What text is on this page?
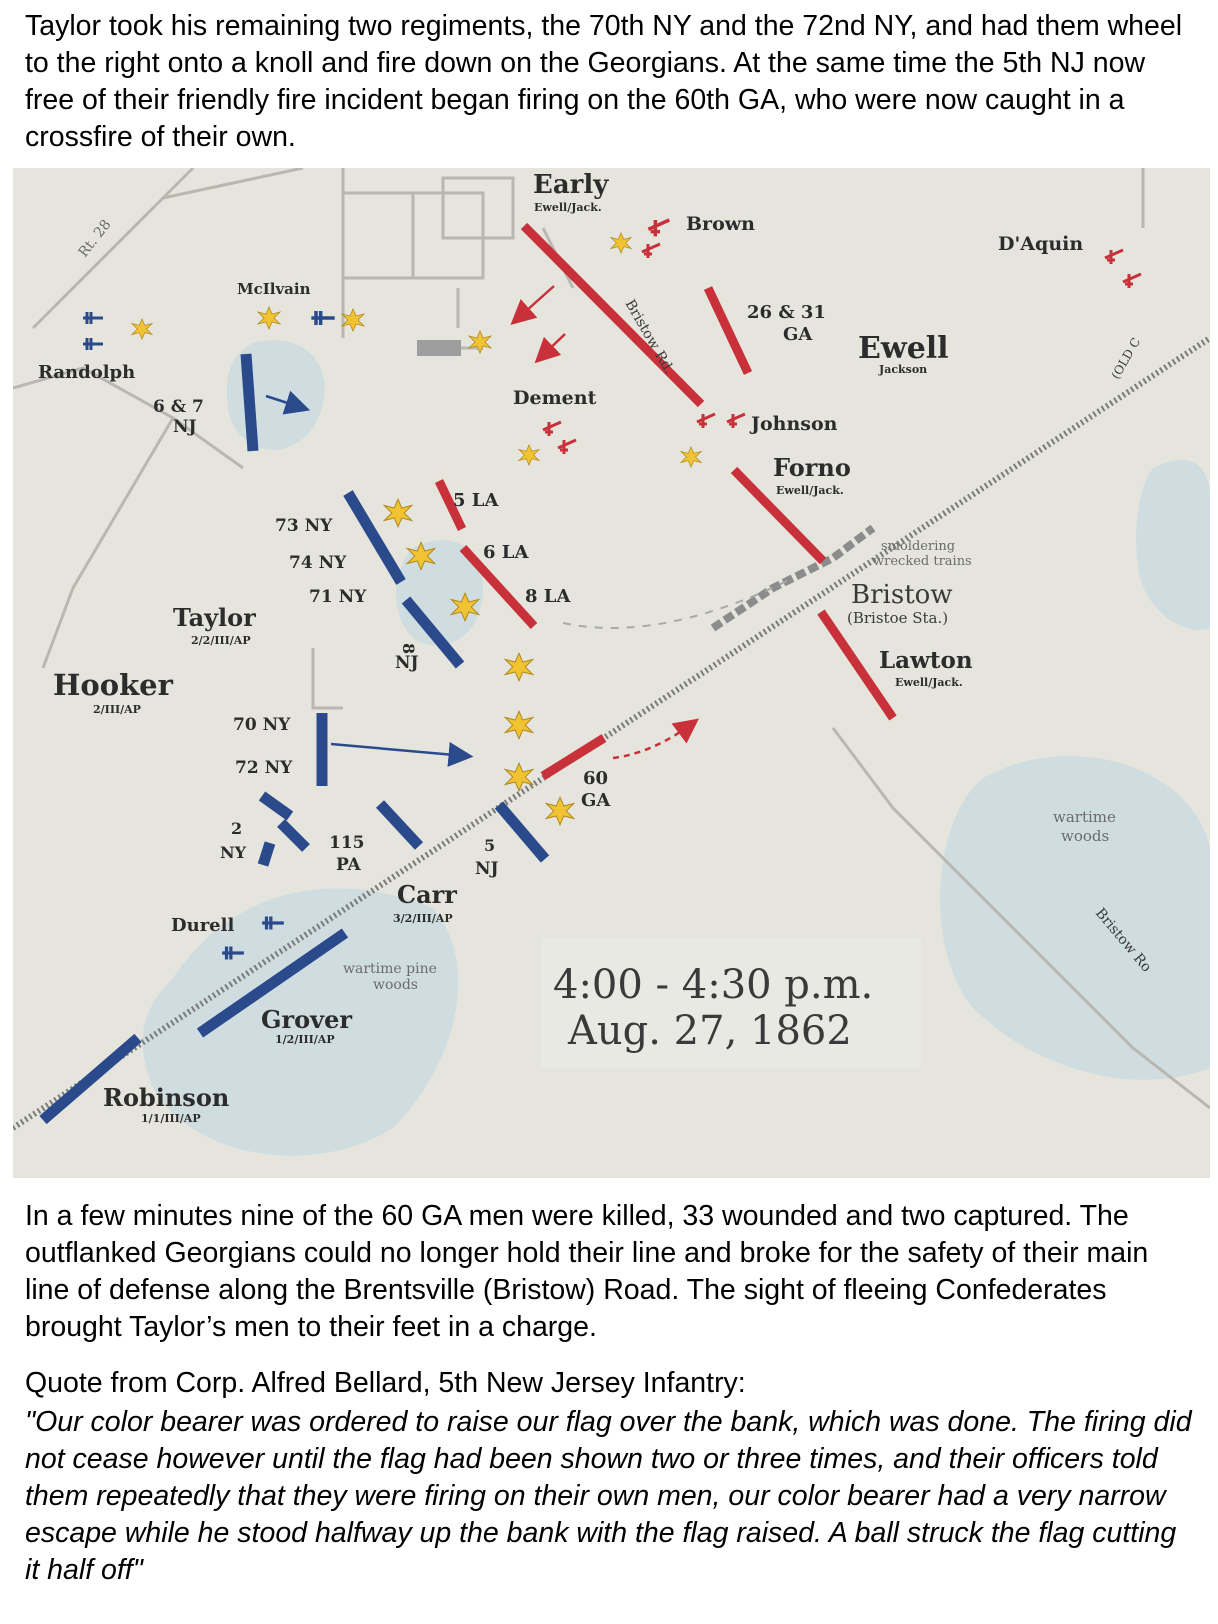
Taylor took his remaining two regiments, the 70th NY and the 72nd NY, and had them wheel to the right onto a knoll and fire down on the Georgians. At the same time the 5th NJ now free of their friendly fire incident began firing on the 60th GA, who were now caught in a crossfire of their own.

Rt. 28
Bristow Rd.
Bristow Ro
(OLD C
Early
Ewell/Jack.
Brown
D'Aquin
Ewell
Jackson
26 & 31
GA
Dement
Johnson
Forno
Ewell/Jack.
smoldering
wrecked trains
Bristow
(Bristoe Sta.)
Lawton
Ewell/Jack.
McIlvain
Randolph
6 & 7
NJ
73 NY
74 NY
71 NY
5 LA
6 LA
8 LA
8
NJ
Taylor
2/2/III/AP
Hooker
2/III/AP
70 NY
72 NY
2
NY	115
PA
5
NJ
60
GA
Carr
3/2/III/AP
Durell
wartime pine
woods
Grover
1/2/III/AP
Robinson
1/1/III/AP
wartime
woods
4:00 - 4:30 p.m.
Aug. 27, 1862

In a few minutes nine of the 60 GA men were killed, 33 wounded and two captured. The outflanked Georgians could no longer hold their line and broke for the safety of their main line of defense along the Brentsville (Bristow) Road. The sight of fleeing Confederates brought Taylor’s men to their feet in a charge.

Quote from Corp. Alfred Bellard, 5th New Jersey Infantry:

"Our color bearer was ordered to raise our flag over the bank, which was done. The firing did not cease however until the flag had been shown two or three times, and their officers told them repeatedly that they were firing on their own men, our color bearer had a very narrow escape while he stood halfway up the bank with the flag raised. A ball struck the flag cutting it half off"
